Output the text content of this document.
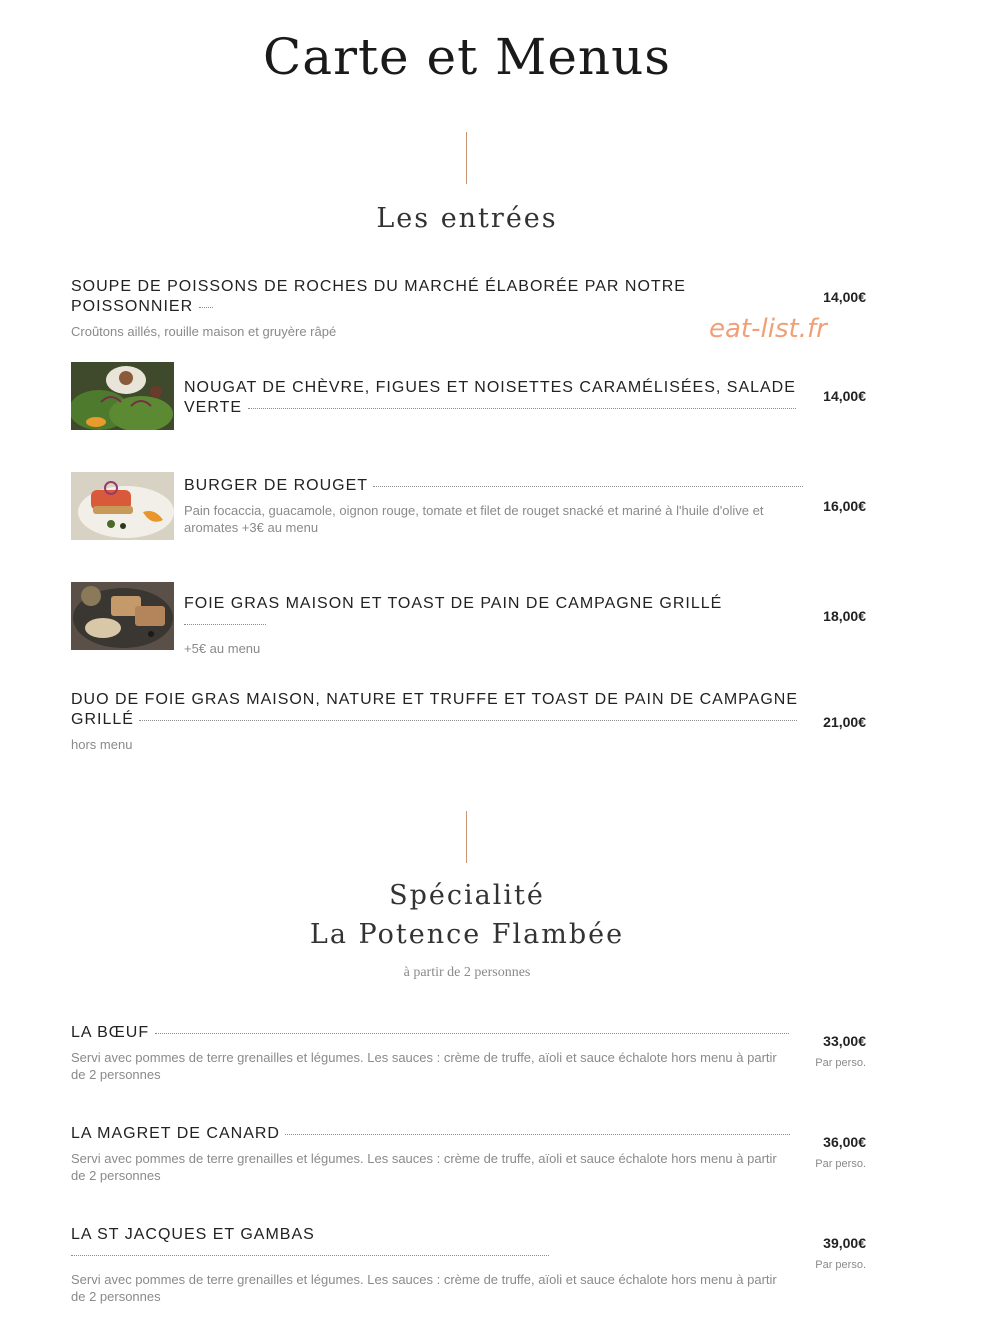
Carte et Menus
Les entrées
eat-list.fr

SOUPE DE POISSONS DE ROCHES DU MARCHÉ ÉLABORÉE PAR NOTRE POISSONNIER

Croûtons aillés, rouille maison et gruyère râpé
14,00€

NOUGAT DE CHÈVRE, FIGUES ET NOISETTES CARAMÉLISÉES, SALADE VERTE

14,00€

BURGER DE ROUGET

Pain focaccia, guacamole, oignon rouge, tomate et filet de rouget snacké et mariné à l'huile d'olive et aromates +3€ au menu
16,00€

FOIE GRAS MAISON ET TOAST DE PAIN DE CAMPAGNE GRILLÉ

+5€ au menu
18,00€

DUO DE FOIE GRAS MAISON, NATURE ET TRUFFE ET TOAST DE PAIN DE CAMPAGNE GRILLÉ

hors menu
21,00€
Spécialité
La Potence Flambée
à partir de 2 personnes

LA BŒUF

Servi avec pommes de terre grenailles et légumes. Les sauces : crème de truffe, aïoli et sauce échalote hors menu à partir de 2 personnes
33,00€
Par perso.

LA MAGRET DE CANARD

Servi avec pommes de terre grenailles et légumes. Les sauces : crème de truffe, aïoli et sauce échalote hors menu à partir de 2 personnes
36,00€
Par perso.

LA ST JACQUES ET GAMBAS

Servi avec pommes de terre grenailles et légumes. Les sauces : crème de truffe, aïoli et sauce échalote hors menu à partir de 2 personnes
39,00€
Par perso.
